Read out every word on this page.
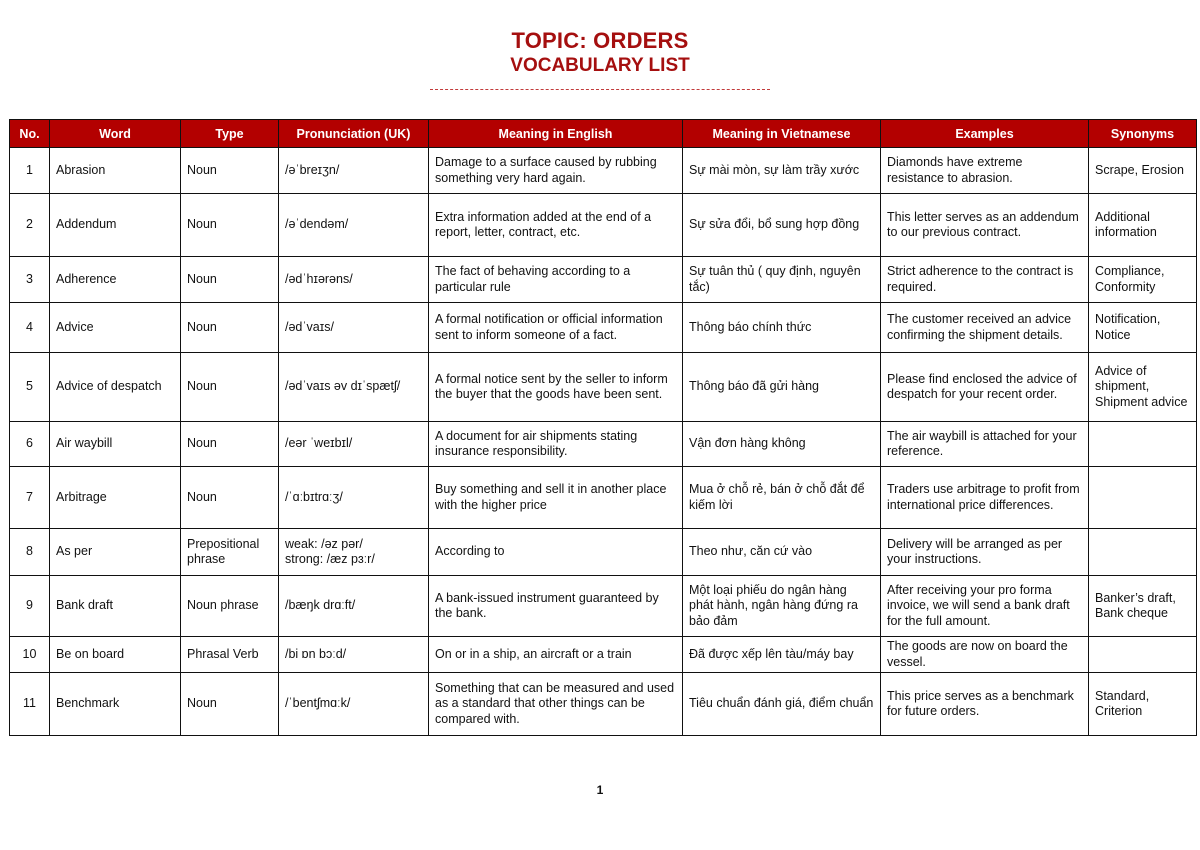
TOPIC: ORDERS
VOCABULARY LIST
No.	Word	Type	Pronunciation (UK)	Meaning in English	Meaning in Vietnamese	Examples	Synonyms
1	Abrasion	Noun	/əˈbreɪʒn/	Damage to a surface caused by rubbing something very hard again.	Sự mài mòn, sự làm trầy xước	Diamonds have extreme resistance to abrasion.	Scrape, Erosion
2	Addendum	Noun	/əˈdendəm/	Extra information added at the end of a report, letter, contract, etc.	Sự sửa đổi, bổ sung hợp đồng	This letter serves as an addendum to our previous contract.	Additional information
3	Adherence	Noun	/ədˈhɪərəns/	The fact of behaving according to a particular rule	Sự tuân thủ ( quy định, nguyên tắc)	Strict adherence to the contract is required.	Compliance, Conformity
4	Advice	Noun	/ədˈvaɪs/	A formal notification or official information sent to inform someone of a fact.	Thông báo chính thức	The customer received an advice confirming the shipment details.	Notification, Notice
5	Advice of despatch	Noun	/ədˈvaɪs əv dɪˈspætʃ/	A formal notice sent by the seller to inform the buyer that the goods have been sent.	Thông báo đã gửi hàng	Please find enclosed the advice of despatch for your recent order.	Advice of shipment, Shipment advice
6	Air waybill	Noun	/eər ˈweɪbɪl/	A document for air shipments stating insurance responsibility.	Vận đơn hàng không	The air waybill is attached for your reference.	
7	Arbitrage	Noun	/ˈɑːbɪtrɑːʒ/	Buy something and sell it in another place with the higher price	Mua ở chỗ rẻ, bán ở chỗ đắt để kiếm lời	Traders use arbitrage to profit from international price differences.	
8	As per	Prepositional phrase	weak: /əz pər/
strong: /æz pɜːr/	According to	Theo như, căn cứ vào	Delivery will be arranged as per your instructions.	
9	Bank draft	Noun phrase	/bæŋk drɑːft/	A bank-issued instrument guaranteed by the bank.	Một loại phiếu do ngân hàng phát hành, ngân hàng đứng ra bảo đảm	After receiving your pro forma invoice, we will send a bank draft for the full amount.	Banker’s draft, Bank cheque
10	Be on board	Phrasal Verb	/bi ɒn bɔːd/	On or in a ship, an aircraft or a train	Đã được xếp lên tàu/máy bay	The goods are now on board the vessel.	
11	Benchmark	Noun	/ˈbentʃmɑːk/	Something that can be measured and used as a standard that other things can be compared with.	Tiêu chuẩn đánh giá, điểm chuẩn	This price serves as a benchmark for future orders.	Standard, Criterion
1
